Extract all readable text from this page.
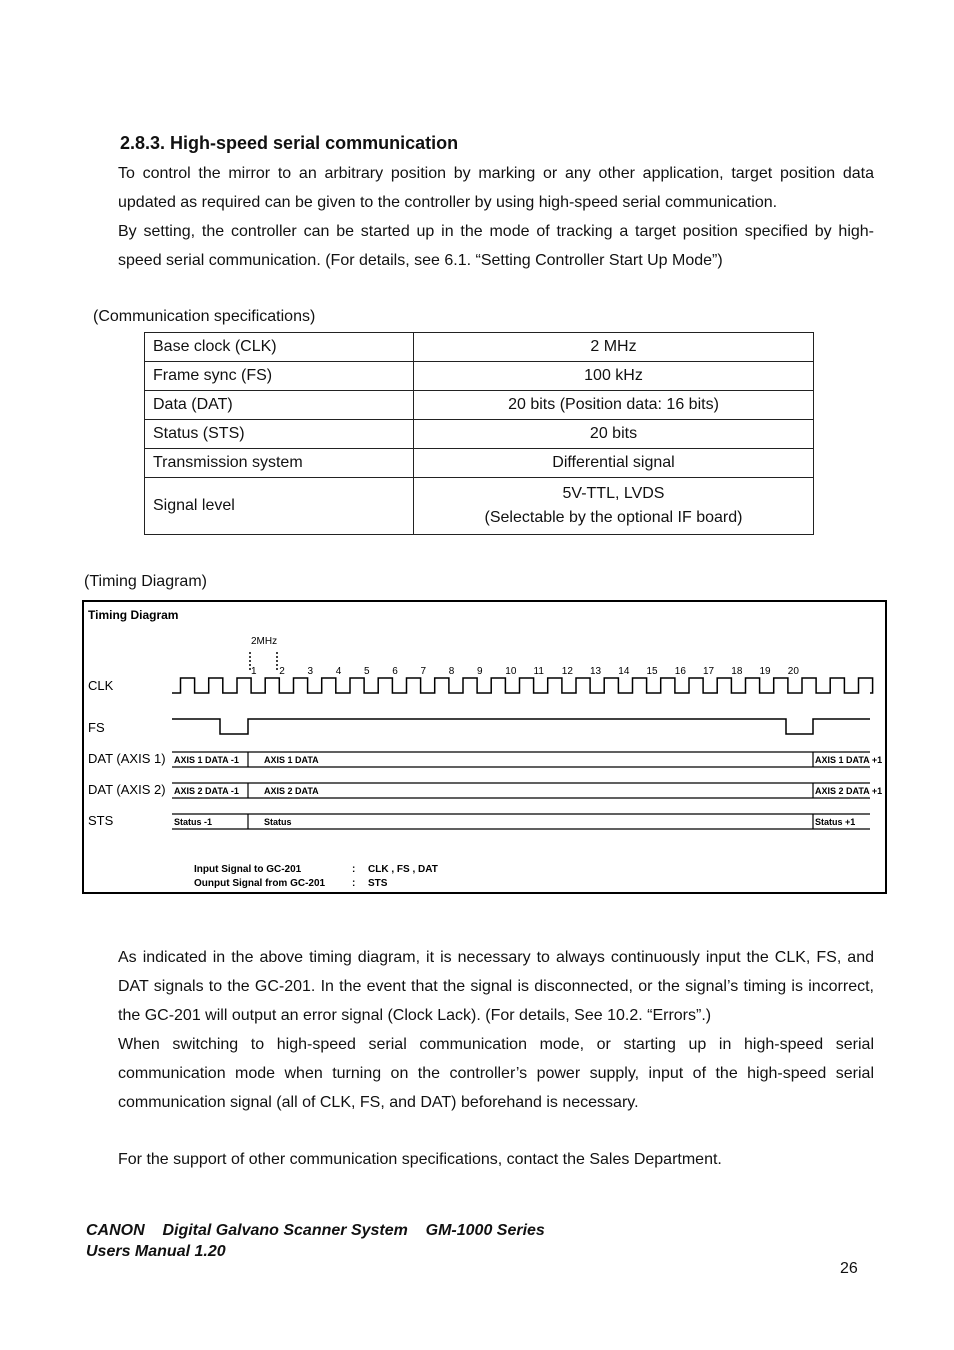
2.8.3. High-speed serial communication

To control the mirror to an arbitrary position by marking or any other application, target position data updated as required can be given to the controller by using high-speed serial communication.

By setting, the controller can be started up in the mode of tracking a target position specified by high-speed serial communication. (For details, see 6.1. “Setting Controller Start Up Mode”)

(Communication specifications)
Base clock (CLK)	2 MHz
Frame sync (FS)	100 kHz
Data (DAT)	20 bits (Position data: 16 bits)
Status (STS)	20 bits
Transmission system	Differential signal
Signal level	5V-TTL, LVDS
(Selectable by the optional IF board)
(Timing Diagram)
Timing Diagram
2MHz
1 2 3 4 5 6 7 8 9 10 11 12 13 14 15 16 17 18 19 20
CLK
FS
DAT (AXIS 1)
DAT (AXIS 2)
STS
AXIS 1 DATA -1	AXIS 1 DATA	AXIS 1 DATA +1
AXIS 2 DATA -1	AXIS 2 DATA	AXIS 2 DATA +1
Status -1	Status	Status +1
Input Signal to GC-201	: CLK , FS , DAT
Ounput Signal from GC-201	: STS

As indicated in the above timing diagram, it is necessary to always continuously input the CLK, FS, and DAT signals to the GC-201. In the event that the signal is disconnected, or the signal’s timing is incorrect, the GC-201 will output an error signal (Clock Lack). (For details, See 10.2. “Errors”.)

When switching to high-speed serial communication mode, or starting up in high-speed serial communication mode when turning on the controller’s power supply, input of the high-speed serial communication signal (all of CLK, FS, and DAT) beforehand is necessary.

For the support of other communication specifications, contact the Sales Department.

CANON    Digital Galvano Scanner System    GM-1000 Series
Users Manual 1.20
26
